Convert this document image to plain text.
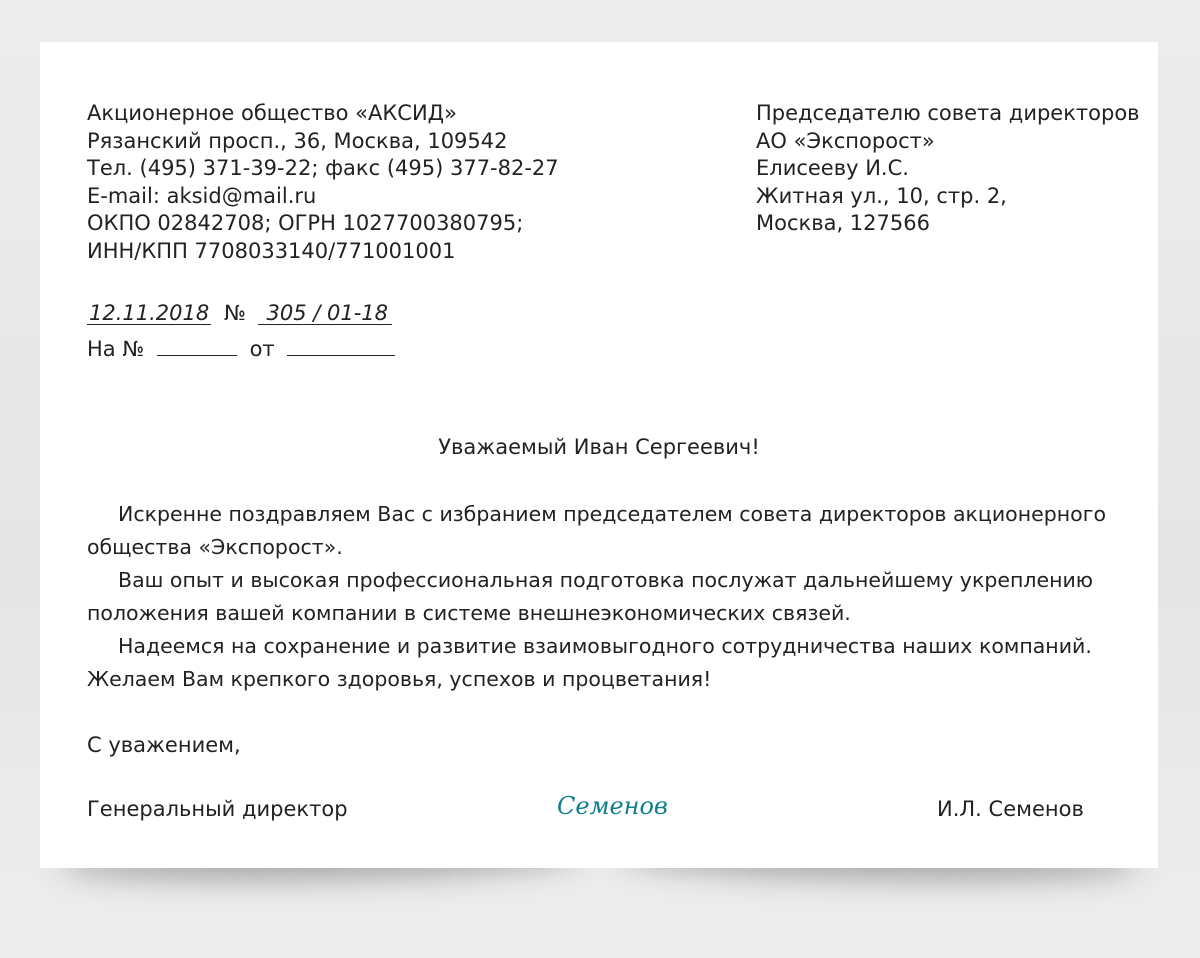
Акционерное общество «АКСИД»
Рязанский просп., 36, Москва, 109542
Тел. (495) 371-39-22; факс (495) 377-82-27
E-mail: aksid@mail.ru
ОКПО 02842708; ОГРН 1027700380795;
ИНН/КПП 7708033140/771001001
Председателю совета директоров
АО «Экспорост»
Елисееву И.С.
Житная ул., 10, стр. 2,
Москва, 127566
12.11.2018 № 305 / 01-18
На №	от
Уважаемый Иван Сергеевич!
Искренне поздравляем Вас с избранием председателем совета директоров акционерного
общества «Экспорост».
Ваш опыт и высокая профессиональная подготовка послужат дальнейшему укреплению
положения вашей компании в системе внешнеэкономических связей.
Надеемся на сохранение и развитие взаимовыгодного сотрудничества наших компаний.
Желаем Вам крепкого здоровья, успехов и процветания!
С уважением,
Генеральный директор	Семенов	И.Л. Семенов
